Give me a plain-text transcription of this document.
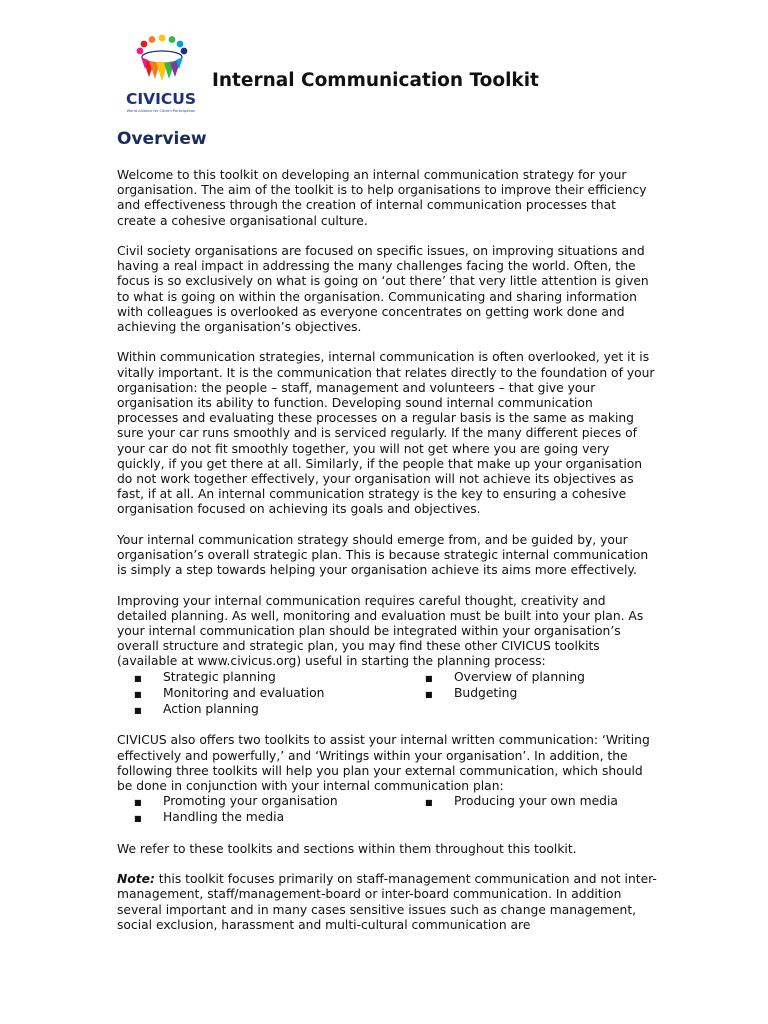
CIVICUS
World Alliance for Citizen Participation
Internal Communication Toolkit
Overview

Welcome to this toolkit on developing an internal communication strategy for your organisation. The aim of the toolkit is to help organisations to improve their efficiency and effectiveness through the creation of internal communication processes that create a cohesive organisational culture.

Civil society organisations are focused on specific issues, on improving situations and having a real impact in addressing the many challenges facing the world. Often, the focus is so exclusively on what is going on ‘out there’ that very little attention is given to what is going on within the organisation. Communicating and sharing information with colleagues is overlooked as everyone concentrates on getting work done and achieving the organisation’s objectives.

Within communication strategies, internal communication is often overlooked, yet it is vitally important. It is the communication that relates directly to the foundation of your organisation: the people – staff, management and volunteers – that give your organisation its ability to function. Developing sound internal communication processes and evaluating these processes on a regular basis is the same as making sure your car runs smoothly and is serviced regularly. If the many different pieces of your car do not fit smoothly together, you will not get where you are going very quickly, if you get there at all. Similarly, if the people that make up your organisation do not work together effectively, your organisation will not achieve its objectives as fast, if at all. An internal communication strategy is the key to ensuring a cohesive organisation focused on achieving its goals and objectives.

Your internal communication strategy should emerge from, and be guided by, your organisation’s overall strategic plan. This is because strategic internal communication is simply a step towards helping your organisation achieve its aims more effectively.

Improving your internal communication requires careful thought, creativity and detailed planning. As well, monitoring and evaluation must be built into your plan. As your internal communication plan should be integrated within your organisation’s overall structure and strategic plan, you may find these other CIVICUS toolkits (available at www.civicus.org) useful in starting the planning process:

■	Strategic planning	■	Overview of planning
■	Monitoring and evaluation	■	Budgeting
■	Action planning

CIVICUS also offers two toolkits to assist your internal written communication: ‘Writing effectively and powerfully,’ and ‘Writings within your organisation’. In addition, the following three toolkits will help you plan your external communication, which should be done in conjunction with your internal communication plan:

■	Promoting your organisation	■	Producing your own media
■	Handling the media

We refer to these toolkits and sections within them throughout this toolkit.

Note: this toolkit focuses primarily on staff-management communication and not inter-management, staff/management-board or inter-board communication. In addition several important and in many cases sensitive issues such as change management, social exclusion, harassment and multi-cultural communication are
